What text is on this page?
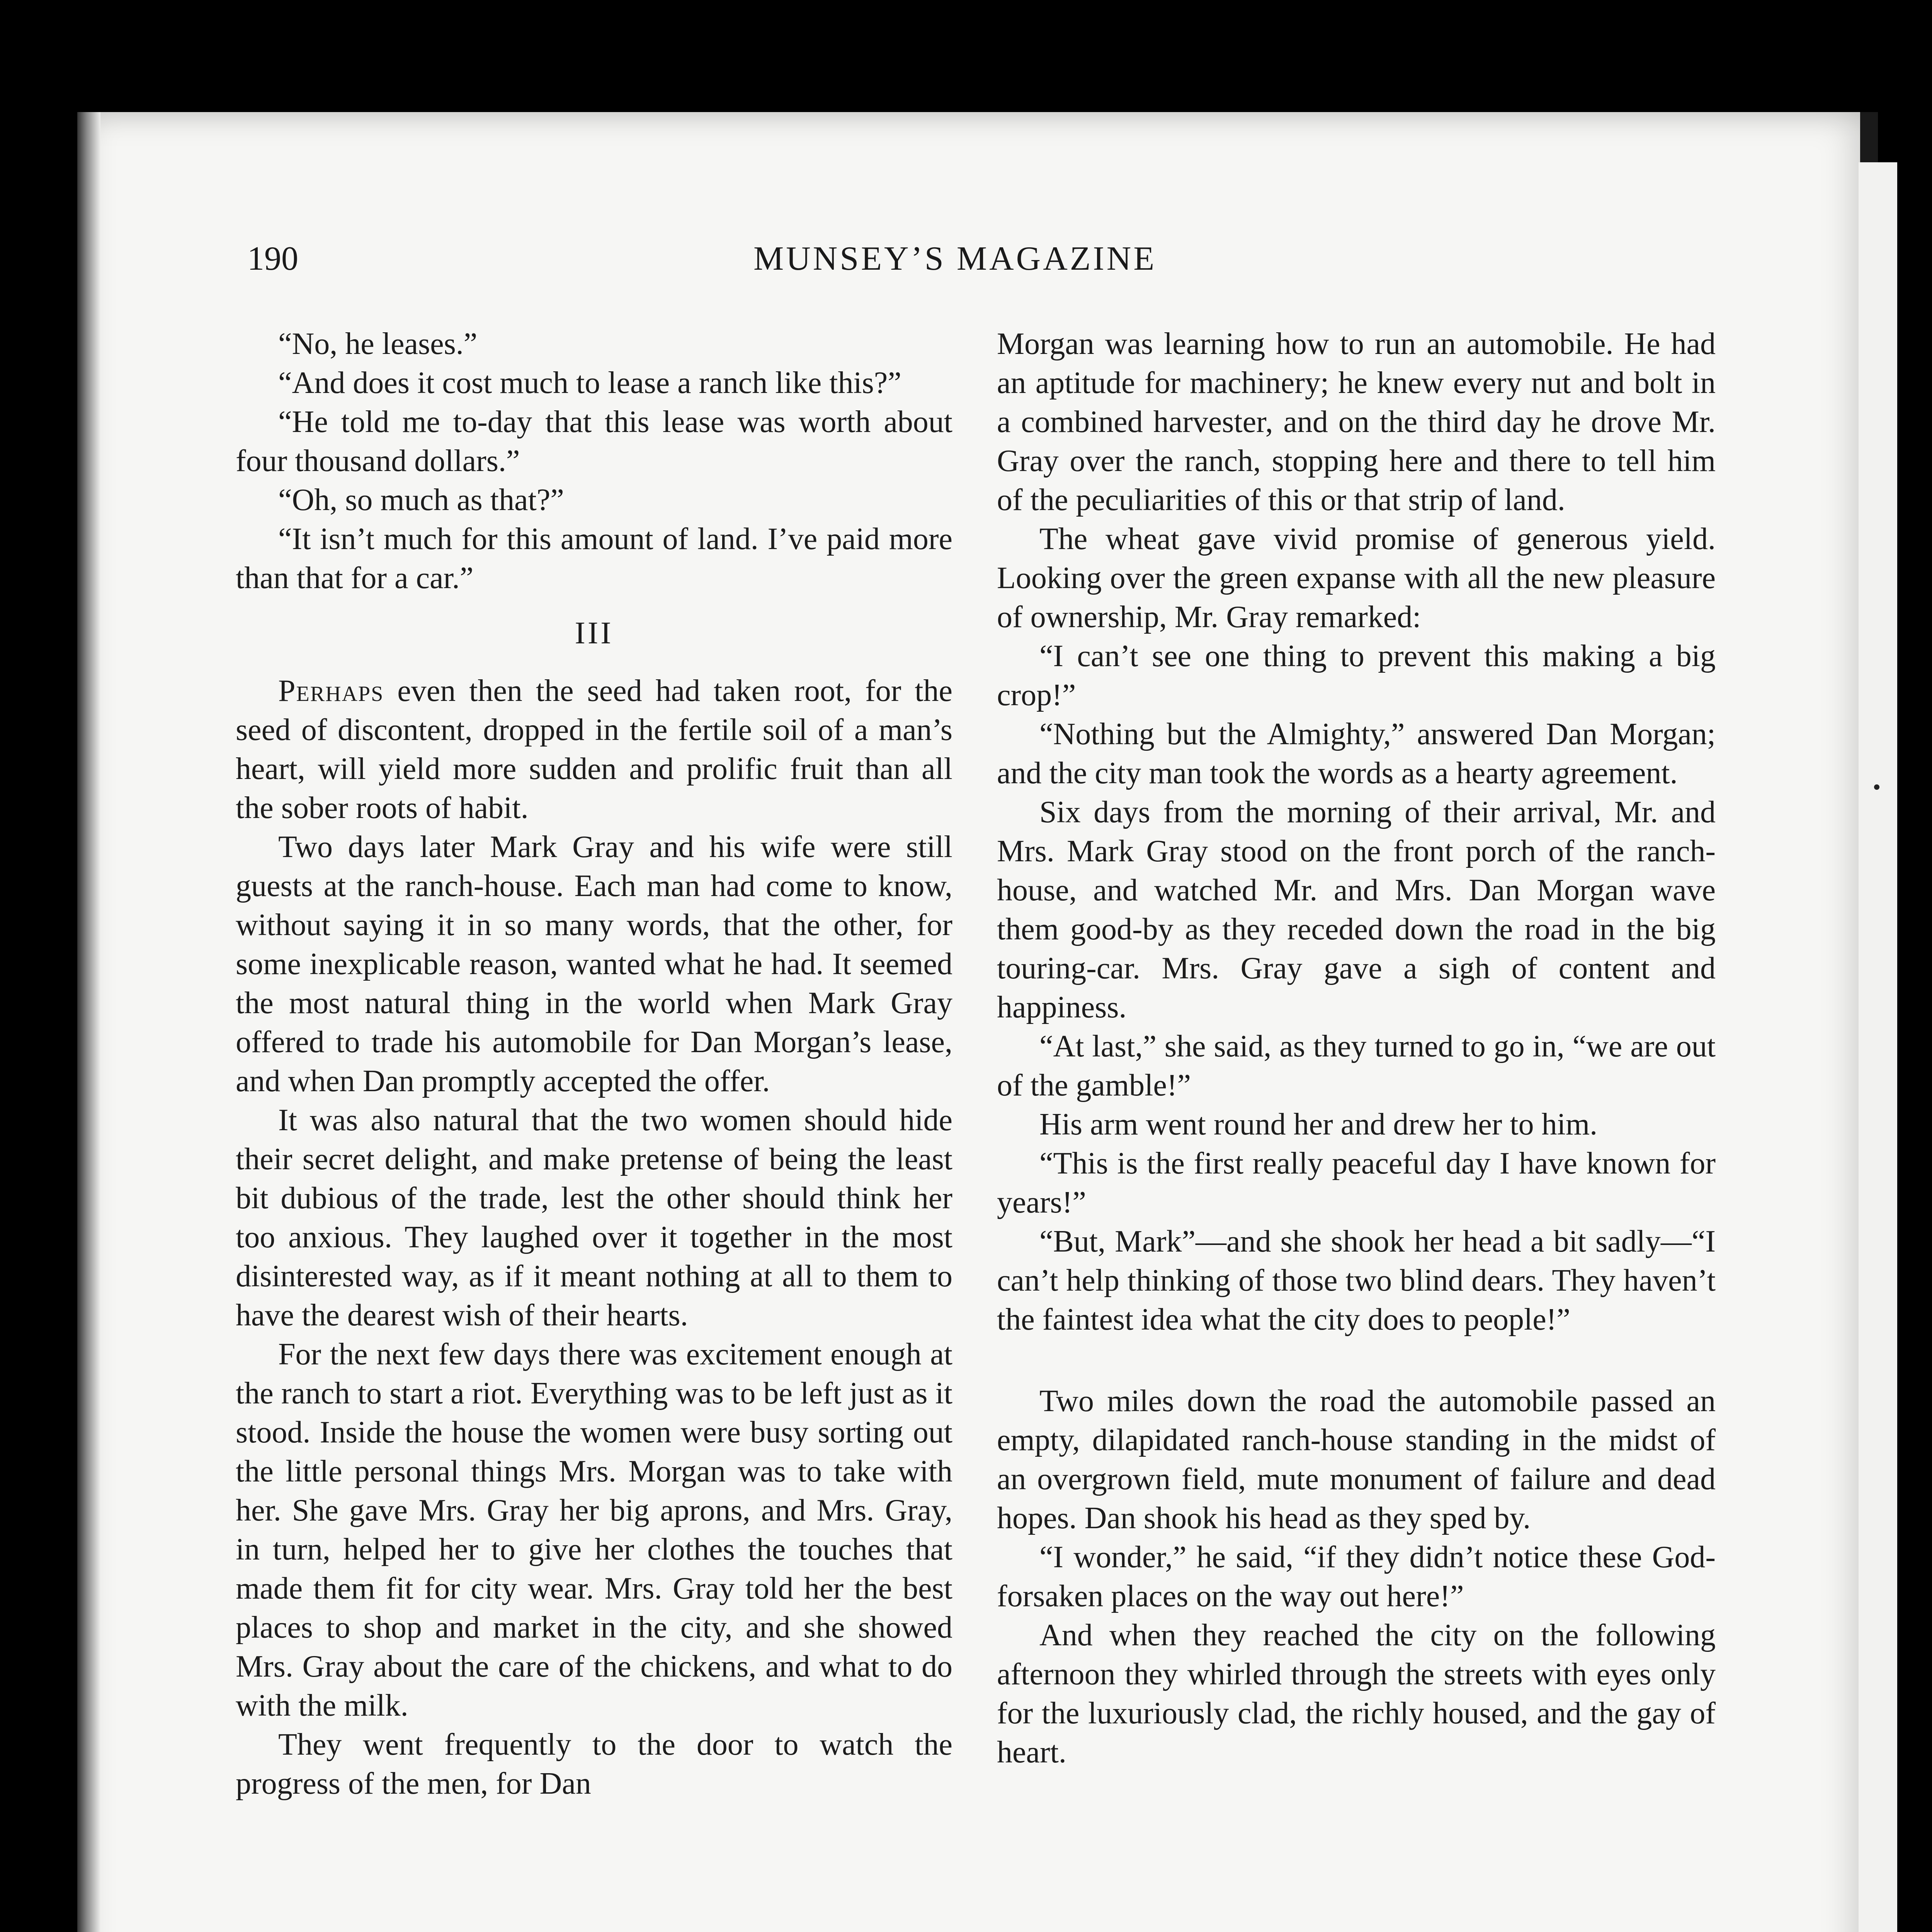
190	MUNSEY’S MAGAZINE

“No, he leases.”

“And does it cost much to lease a ranch like this?”

“He told me to-day that this lease was worth about four thousand dollars.”

“Oh, so much as that?”

“It isn’t much for this amount of land. I’ve paid more than that for a car.”

III

Perhaps even then the seed had taken root, for the seed of discontent, dropped in the fertile soil of a man’s heart, will yield more sudden and prolific fruit than all the sober roots of habit.

Two days later Mark Gray and his wife were still guests at the ranch-house. Each man had come to know, without saying it in so many words, that the other, for some inexplicable reason, wanted what he had. It seemed the most natural thing in the world when Mark Gray offered to trade his automobile for Dan Morgan’s lease, and when Dan promptly accepted the offer.

It was also natural that the two women should hide their secret delight, and make pretense of being the least bit dubious of the trade, lest the other should think her too anxious. They laughed over it together in the most disinterested way, as if it meant nothing at all to them to have the dearest wish of their hearts.

For the next few days there was excitement enough at the ranch to start a riot. Everything was to be left just as it stood. Inside the house the women were busy sorting out the little personal things Mrs. Morgan was to take with her. She gave Mrs. Gray her big aprons, and Mrs. Gray, in turn, helped her to give her clothes the touches that made them fit for city wear. Mrs. Gray told her the best places to shop and market in the city, and she showed Mrs. Gray about the care of the chickens, and what to do with the milk.

They went frequently to the door to watch the progress of the men, for Dan

Morgan was learning how to run an automobile. He had an aptitude for machinery; he knew every nut and bolt in a combined harvester, and on the third day he drove Mr. Gray over the ranch, stopping here and there to tell him of the peculiarities of this or that strip of land.

The wheat gave vivid promise of generous yield. Looking over the green expanse with all the new pleasure of ownership, Mr. Gray remarked:

“I can’t see one thing to prevent this making a big crop!”

“Nothing but the Almighty,” answered Dan Morgan; and the city man took the words as a hearty agreement.

Six days from the morning of their arrival, Mr. and Mrs. Mark Gray stood on the front porch of the ranch-house, and watched Mr. and Mrs. Dan Morgan wave them good-by as they receded down the road in the big touring-car. Mrs. Gray gave a sigh of content and happiness.

“At last,” she said, as they turned to go in, “we are out of the gamble!”

His arm went round her and drew her to him.

“This is the first really peaceful day I have known for years!”

“But, Mark”—and she shook her head a bit sadly—“I can’t help thinking of those two blind dears. They haven’t the faintest idea what the city does to people!”

Two miles down the road the automobile passed an empty, dilapidated ranch-house standing in the midst of an overgrown field, mute monument of failure and dead hopes. Dan shook his head as they sped by.

“I wonder,” he said, “if they didn’t notice these God-forsaken places on the way out here!”

And when they reached the city on the following afternoon they whirled through the streets with eyes only for the luxuriously clad, the richly housed, and the gay of heart.
